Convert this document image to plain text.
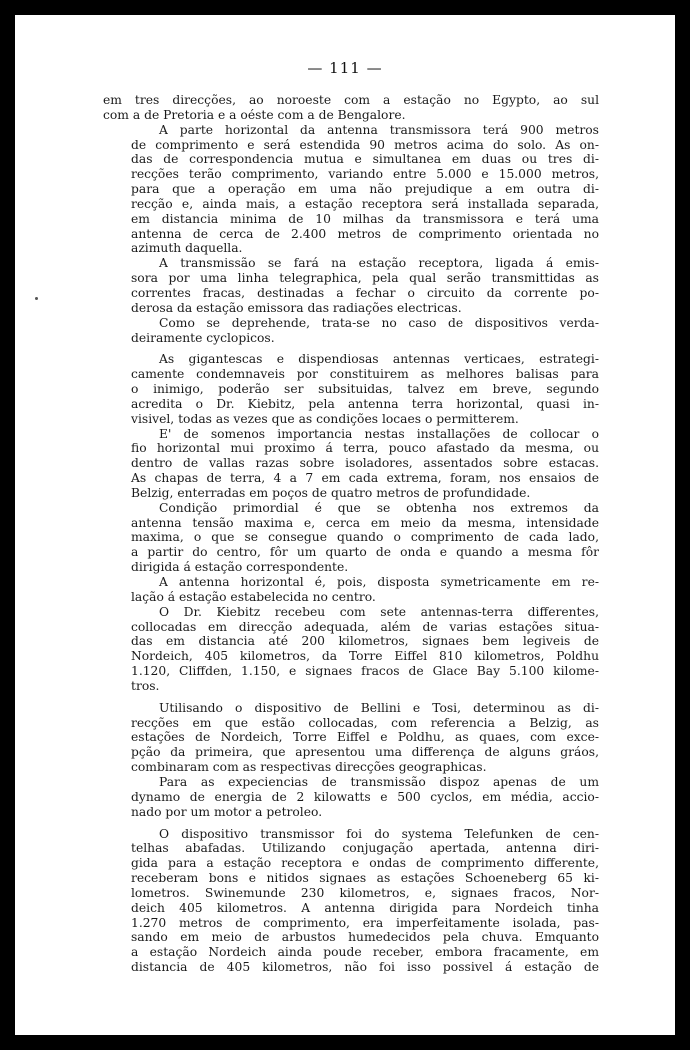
— 111 —

em tres direcções, ao noroeste com a estação no Egypto, ao sul
com a de Pretoria e a oéste com a de Bengalore.

A parte horizontal da antenna transmissora terá 900 metros
de comprimento e será estendida 90 metros acima do solo. As on-
das de correspondencia mutua e simultanea em duas ou tres di-
recções terão comprimento, variando entre 5.000 e 15.000 metros,
para que a operação em uma não prejudique a em outra di-
recção e, ainda mais, a estação receptora será installada separada,
em distancia minima de 10 milhas da transmissora e terá uma
antenna de cerca de 2.400 metros de comprimento orientada no
azimuth daquella.

A transmissão se fará na estação receptora, ligada á emis-
sora por uma linha telegraphica, pela qual serão transmittidas as
correntes fracas, destinadas a fechar o circuito da corrente po-
derosa da estação emissora das radiações electricas.

Como se deprehende, trata-se no caso de dispositivos verda-
deiramente cyclopicos.

As gigantescas e dispendiosas antennas verticaes, estrategi-
camente condemnaveis por constituirem as melhores balisas para
o inimigo, poderão ser subsituidas, talvez em breve, segundo
acredita o Dr. Kiebitz, pela antenna terra horizontal, quasi in-
visivel, todas as vezes que as condições locaes o permitterem.

E' de somenos importancia nestas installações de collocar o
fio horizontal mui proximo á terra, pouco afastado da mesma, ou
dentro de vallas razas sobre isoladores, assentados sobre estacas.
As chapas de terra, 4 a 7 em cada extrema, foram, nos ensaios de
Belzig, enterradas em poços de quatro metros de profundidade.

Condição primordial é que se obtenha nos extremos da
antenna tensão maxima e, cerca em meio da mesma, intensidade
maxima, o que se consegue quando o comprimento de cada lado,
a partir do centro, fôr um quarto de onda e quando a mesma fôr
dirigida á estação correspondente.

A antenna horizontal é, pois, disposta symetricamente em re-
lação á estação estabelecida no centro.

O Dr. Kiebitz recebeu com sete antennas-terra differentes,
collocadas em direcção adequada, além de varias estações situa-
das em distancia até 200 kilometros, signaes bem legiveis de
Nordeich, 405 kilometros, da Torre Eiffel 810 kilometros, Poldhu
1.120, Cliffden, 1.150, e signaes fracos de Glace Bay 5.100 kilome-
tros.

Utilisando o dispositivo de Bellini e Tosi, determinou as di-
recções em que estão collocadas, com referencia a Belzig, as
estações de Nordeich, Torre Eiffel e Poldhu, as quaes, com exce-
pção da primeira, que apresentou uma differença de alguns gráos,
combinaram com as respectivas direcções geographicas.

Para as expeciencias de transmissão dispoz apenas de um
dynamo de energia de 2 kilowatts e 500 cyclos, em média, accio-
nado por um motor a petroleo.

O dispositivo transmissor foi do systema Telefunken de cen-
telhas abafadas. Utilizando conjugação apertada, antenna diri-
gida para a estação receptora e ondas de comprimento differente,
receberam bons e nitidos signaes as estações Schoeneberg 65 ki-
lometros. Swinemunde 230 kilometros, e, signaes fracos, Nor-
deich 405 kilometros. A antenna dirigida para Nordeich tinha
1.270 metros de comprimento, era imperfeitamente isolada, pas-
sando em meio de arbustos humedecidos pela chuva. Emquanto
a estação Nordeich ainda poude receber, embora fracamente, em
distancia de 405 kilometros, não foi isso possivel á estação de
